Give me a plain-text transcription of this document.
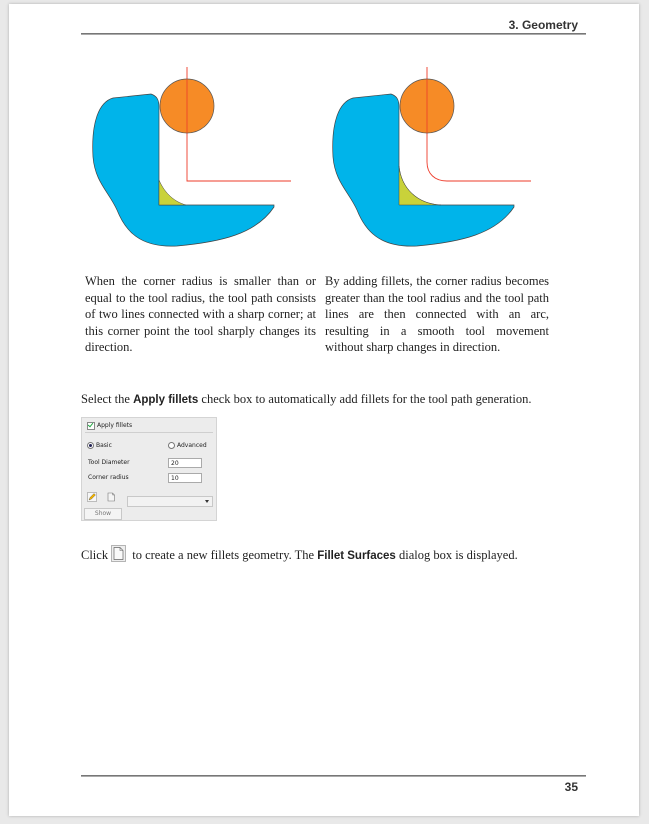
3. Geometry
When the corner radius is smaller than or equal to the tool radius, the tool path consists of two lines connected with a sharp corner; at this corner point the tool sharply changes its direction.
By adding fillets, the corner radius becomes greater than the tool radius and the tool path lines are then connected with an arc, resulting in a smooth tool movement without sharp changes in direction.
Select the Apply fillets check box to automatically add fillets for the tool path generation.
Apply fillets
Basic	Advanced
Tool Diameter	20
Corner radius	10
Show
Click to create a new fillets geometry. The Fillet Surfaces dialog box is displayed.
35
